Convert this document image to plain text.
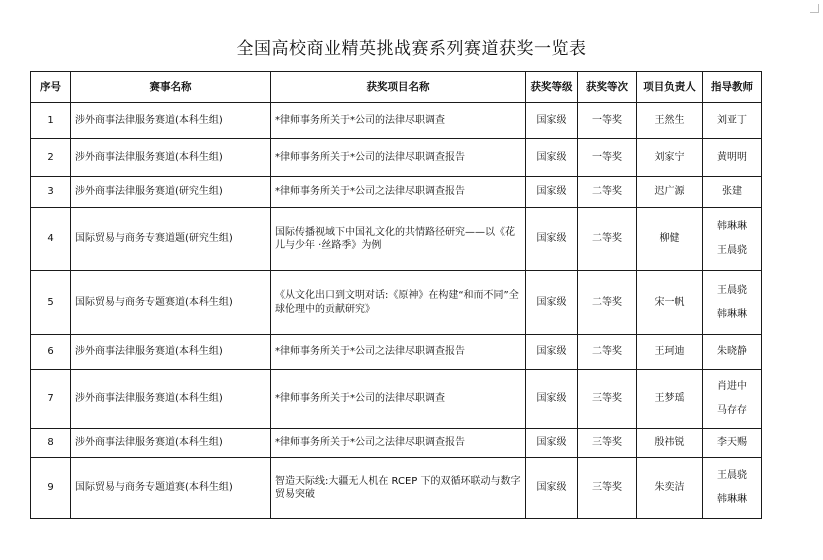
全国高校商业精英挑战赛系列赛道获奖一览表
序号	赛事名称	获奖项目名称	获奖等级	获奖等次	项目负责人	指导教师
1	涉外商事法律服务赛道(本科生组)	*律师事务所关于*公司的法律尽职调查	国家级	一等奖	王然生	刘亚丁

2	涉外商事法律服务赛道(本科生组)	*律师事务所关于*公司的法律尽职调查报告	国家级	一等奖	刘家宁	黄明明

3	涉外商事法律服务赛道(研究生组)	*律师事务所关于*公司之法律尽职调查报告	国家级	二等奖	迟广源	张建

4	国际贸易与商务专赛道题(研究生组)	国际传播视域下中国礼文化的共情路径研究——以《花儿与少年 ·丝路季》为例	国家级	二等奖	柳健	韩琳琳
王晨骁

5	国际贸易与商务专题赛道(本科生组)	《从文化出口到文明对话:《原神》在构建“和而不同”全球伦理中的贡献研究》	国家级	二等奖	宋一帆	王晨骁
韩琳琳

6	涉外商事法律服务赛道(本科生组)	*律师事务所关于*公司之法律尽职调查报告	国家级	二等奖	王珂迪	朱晓静

7	涉外商事法律服务赛道(本科生组)	*律师事务所关于*公司的法律尽职调查	国家级	三等奖	王梦瑶	肖进中
马存存

8	涉外商事法律服务赛道(本科生组)	*律师事务所关于*公司之法律尽职调查报告	国家级	三等奖	殷祎锐	李天赐

9	国际贸易与商务专题道赛(本科生组)	智造天际线:大疆无人机在 RCEP 下的双循环联动与数字贸易突破	国家级	三等奖	朱奕洁	王晨骁
韩琳琳
